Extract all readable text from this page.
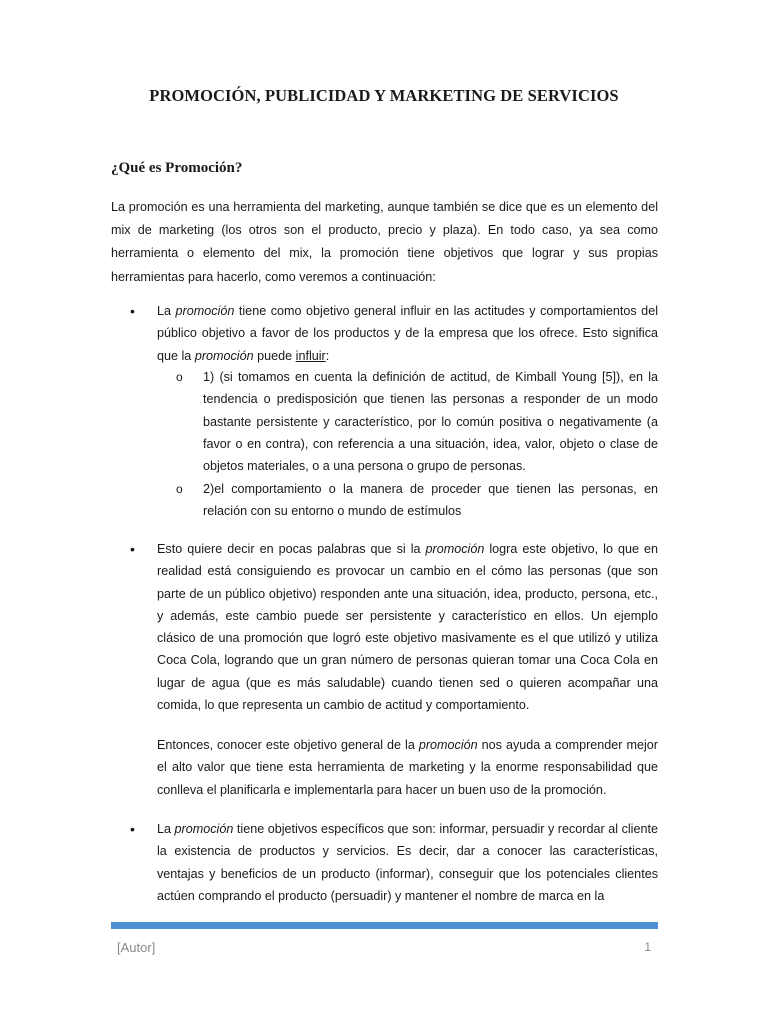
PROMOCIÓN, PUBLICIDAD Y MARKETING DE SERVICIOS
¿Qué es Promoción?
La promoción es una herramienta del marketing, aunque también se dice que es un elemento del mix de marketing (los otros son el producto, precio y plaza). En todo caso, ya sea como herramienta o elemento del mix, la promoción tiene objetivos que lograr y sus propias herramientas para hacerlo, como veremos a continuación:
• La promoción tiene como objetivo general influir en las actitudes y comportamientos del público objetivo a favor de los productos y de la empresa que los ofrece. Esto significa que la promoción puede influir:
o 1) (si tomamos en cuenta la definición de actitud, de Kimball Young [5]), en la tendencia o predisposición que tienen las personas a responder de un modo bastante persistente y característico, por lo común positiva o negativamente (a favor o en contra), con referencia a una situación, idea, valor, objeto o clase de objetos materiales, o a una persona o grupo de personas.
o 2)el comportamiento o la manera de proceder que tienen las personas, en relación con su entorno o mundo de estímulos
• Esto quiere decir en pocas palabras que si la promoción logra este objetivo, lo que en realidad está consiguiendo es provocar un cambio en el cómo las personas (que son parte de un público objetivo) responden ante una situación, idea, producto, persona, etc., y además, este cambio puede ser persistente y característico en ellos. Un ejemplo clásico de una promoción que logró este objetivo masivamente es el que utilizó y utiliza Coca Cola, logrando que un gran número de personas quieran tomar una Coca Cola en lugar de agua (que es más saludable) cuando tienen sed o quieren acompañar una comida, lo que representa un cambio de actitud y comportamiento.
Entonces, conocer este objetivo general de la promoción nos ayuda a comprender mejor el alto valor que tiene esta herramienta de marketing y la enorme responsabilidad que conlleva el planificarla e implementarla para hacer un buen uso de la promoción.
• La promoción tiene objetivos específicos que son: informar, persuadir y recordar al cliente la existencia de productos y servicios. Es decir, dar a conocer las características, ventajas y beneficios de un producto (informar), conseguir que los potenciales clientes actúen comprando el producto (persuadir) y mantener el nombre de marca en la
[Autor]	1
